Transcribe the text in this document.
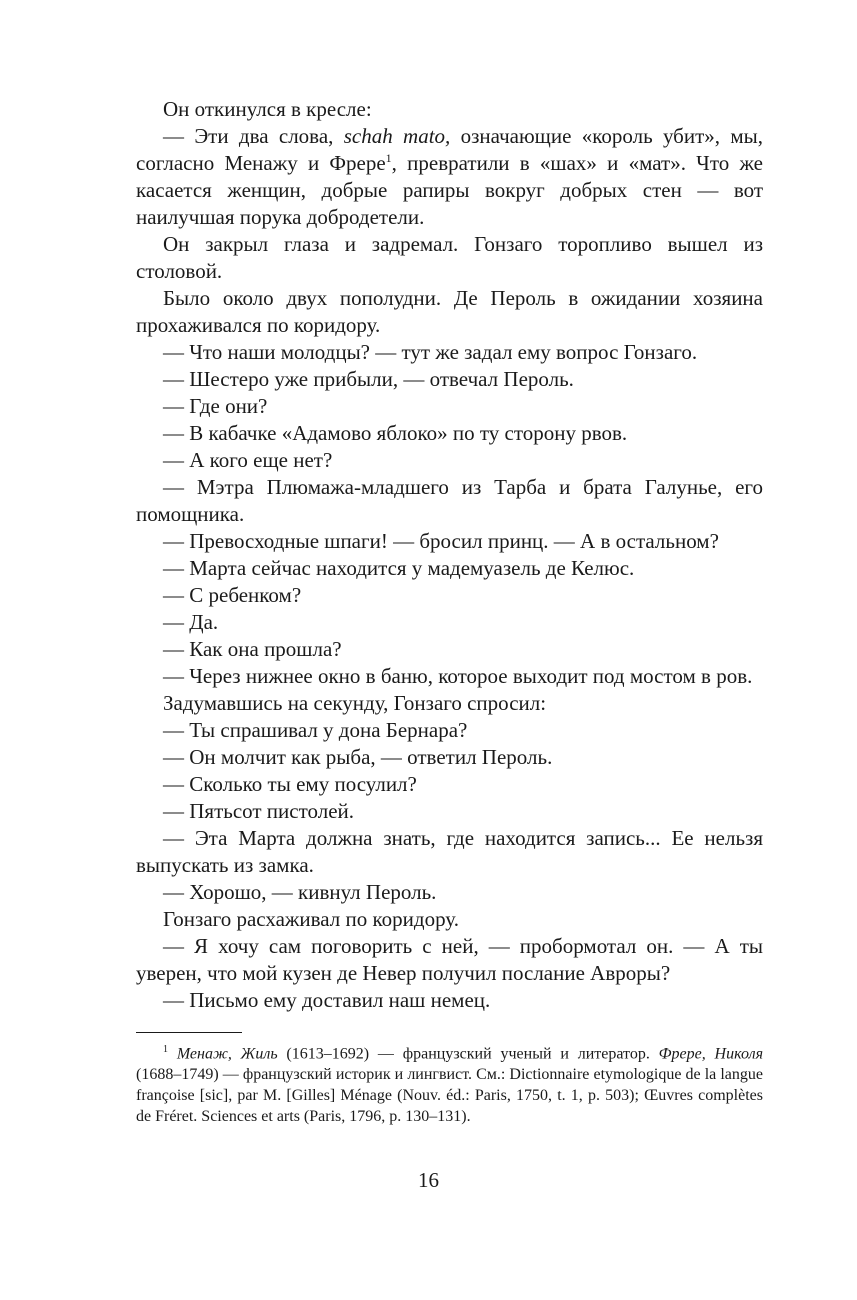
Он откинулся в кресле:

— Эти два слова, schah mato, означающие «король убит», мы, согласно Менажу и Фрере$^1$, превратили в «шах» и «мат». Что же касается женщин, добрые рапиры вокруг добрых стен — вот наилучшая порука добродетели.

Он закрыл глаза и задремал. Гонзаго торопливо вышел из столовой.

Было около двух пополудни. Де Пероль в ожидании хозяина прохаживался по коридору.

— Что наши молодцы? — тут же задал ему вопрос Гонзаго.

— Шестеро уже прибыли, — отвечал Пероль.

— Где они?

— В кабачке «Адамово яблоко» по ту сторону рвов.

— А кого еще нет?

— Мэтра Плюмажа-младшего из Тарба и брата Галунье, его помощника.

— Превосходные шпаги! — бросил принц. — А в остальном?

— Марта сейчас находится у мадемуазель де Келюс.

— С ребенком?

— Да.

— Как она прошла?

— Через нижнее окно в баню, которое выходит под мостом в ров.

Задумавшись на секунду, Гонзаго спросил:

— Ты спрашивал у дона Бернара?

— Он молчит как рыба, — ответил Пероль.

— Сколько ты ему посулил?

— Пятьсот пистолей.

— Эта Марта должна знать, где находится запись... Ее нельзя выпускать из замка.

— Хорошо, — кивнул Пероль.

Гонзаго расхаживал по коридору.

— Я хочу сам поговорить с ней, — пробормотал он. — А ты уверен, что мой кузен де Невер получил послание Авроры?

— Письмо ему доставил наш немец.

$^1$ Менаж, Жиль (1613–1692) — французский ученый и литератор. Фрере, Николя (1688–1749) — французский историк и лингвист. См.: Dictionnaire etymologique de la langue françoise [sic], par M. [Gilles] Ménage (Nouv. éd.: Paris, 1750, t. 1, p. 503); Œuvres complètes de Fréret. Sciences et arts (Paris, 1796, p. 130–131).

16
